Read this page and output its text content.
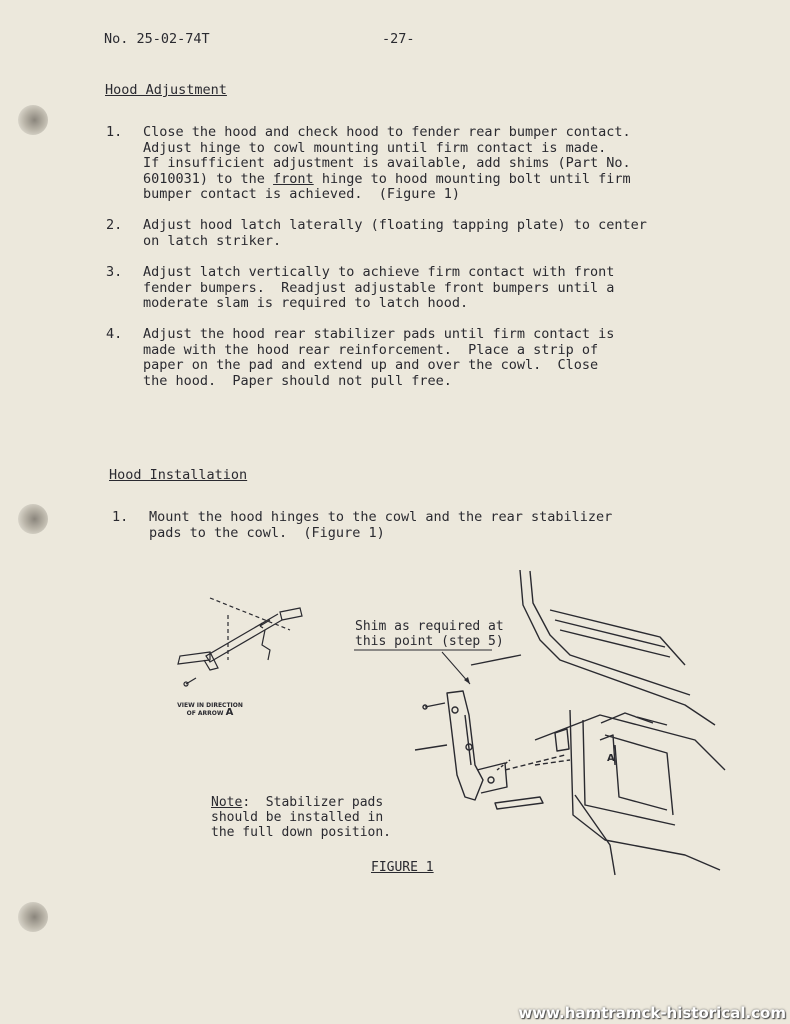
No. 25-02-74T	-27-
Hood Adjustment
1. Close the hood and check hood to fender rear bumper contact.
Adjust hinge to cowl mounting until firm contact is made.
If insufficient adjustment is available, add shims (Part No.
6010031) to the front hinge to hood mounting bolt until firm
bumper contact is achieved.  (Figure 1)
2. Adjust hood latch laterally (floating tapping plate) to center
on latch striker.
3. Adjust latch vertically to achieve firm contact with front
fender bumpers.  Readjust adjustable front bumpers until a
moderate slam is required to latch hood.
4. Adjust the hood rear stabilizer pads until firm contact is
made with the hood rear reinforcement.  Place a strip of
paper on the pad and extend up and over the cowl.  Close
the hood.  Paper should not pull free.
Hood Installation
1. Mount the hood hinges to the cowl and the rear stabilizer
pads to the cowl.  (Figure 1)
VIEW IN DIRECTION
OF ARROW A
A
Shim as required at
this point (step 5)
Note:  Stabilizer pads
should be installed in
the full down position.
FIGURE 1
www.hamtramck-historical.com
